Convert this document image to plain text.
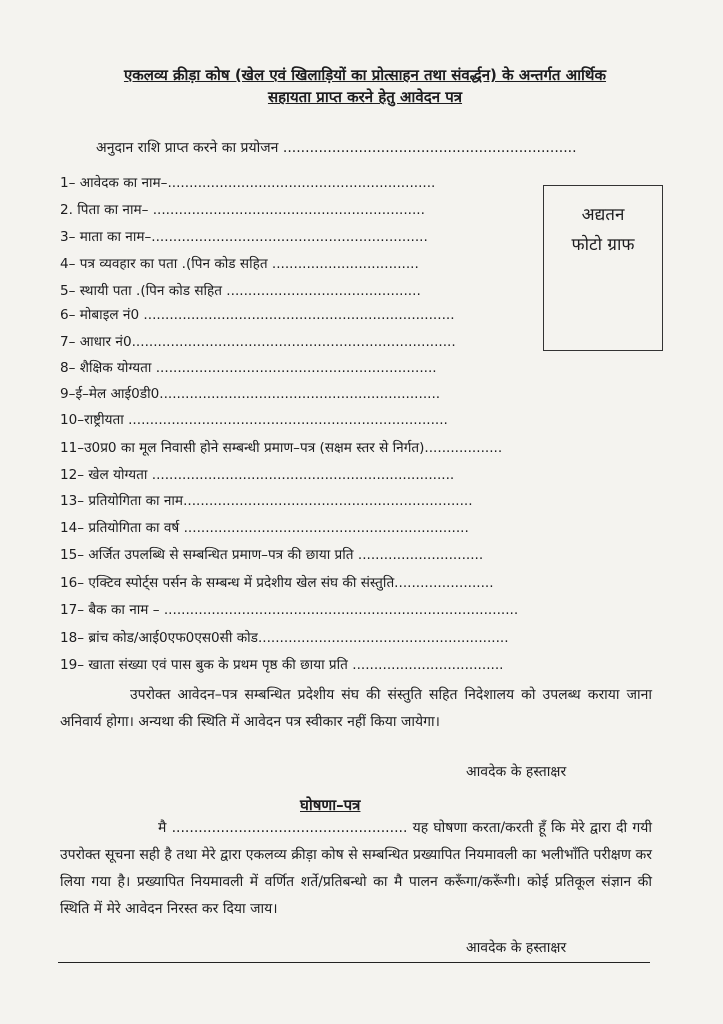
एकलव्य क्रीड़ा कोष (खेल एवं खिलाड़ियों का प्रोत्साहन तथा संवर्द्धन) के अन्तर्गत आर्थिक
सहायता प्राप्त करने हेतु आवेदन पत्र
अनुदान राशि प्राप्त करने का प्रयोजन ..................................................................
अद्यतन
फोटो ग्राफ
1– आवेदक का नाम–..............................................................
2. पिता का नाम– ...............................................................
3– माता का नाम–................................................................
4– पत्र व्यवहार का पता .(पिन कोड सहित ..................................
5– स्थायी पता .(पिन कोड सहित .............................................
6– मोबाइल नं0 ........................................................................
7– आधार नं0...........................................................................
8– शैक्षिक योग्यता .................................................................
9–ई–मेल आई0डी0.................................................................
10–राष्ट्रीयता ..........................................................................
11–उ0प्र0 का मूल निवासी होने सम्बन्धी प्रमाण–पत्र (सक्षम स्तर से निर्गत)..................
12– खेल योग्यता ......................................................................
13– प्रतियोगिता का नाम...................................................................
14– प्रतियोगिता का वर्ष ..................................................................
15– अर्जित उपलब्धि से सम्बन्धित प्रमाण–पत्र की छाया प्रति .............................
16– एक्टिव स्पोर्ट्स पर्सन के सम्बन्ध में प्रदेशीय खेल संघ की संस्तुति.......................
17– बैक का नाम – ..................................................................................
18– ब्रांच कोड/आई0एफ0एस0सी कोड..........................................................
19– खाता संख्या एवं पास बुक के प्रथम पृष्ठ की छाया प्रति ...................................
उपरोक्त आवेदन–पत्र सम्बन्धित प्रदेशीय संघ की संस्तुति सहित निदेशालय को उपलब्ध कराया जाना अनिवार्य होगा। अन्यथा की स्थिति में आवेदन पत्र स्वीकार नहीं किया जायेगा।
आवदेक के हस्ताक्षर
घोषणा–पत्र
मै ..................................................... यह घोषणा करता/करती हूँ कि मेरे द्वारा दी गयी उपरोक्त सूचना सही है तथा मेरे द्वारा एकलव्य क्रीड़ा कोष से सम्बन्धित प्रख्यापित नियमावली का भलीभाँति परीक्षण कर लिया गया है। प्रख्यापित नियमावली में वर्णित शर्ते/प्रतिबन्धो का मै पालन करूँगा/करूँगी। कोई प्रतिकूल संज्ञान की स्थिति में मेरे आवेदन निरस्त कर दिया जाय।
आवदेक के हस्ताक्षर
